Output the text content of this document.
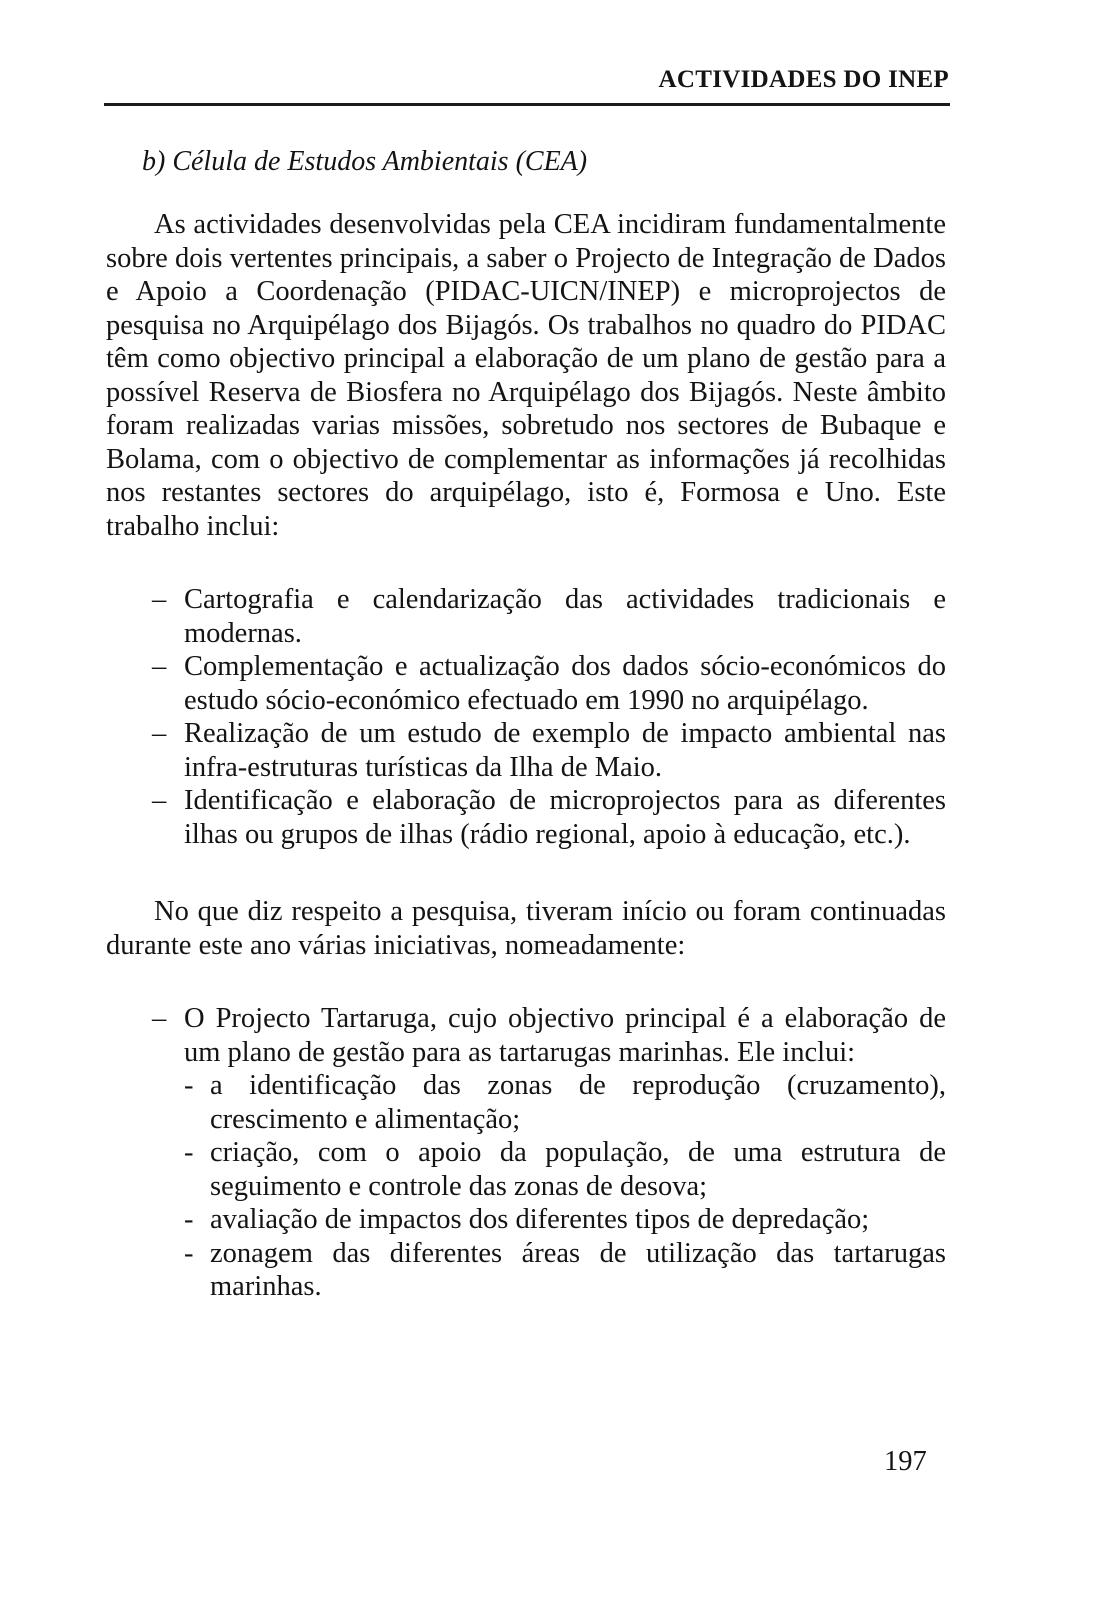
ACTIVIDADES DO INEP
b) Célula de Estudos Ambientais (CEA)

As actividades desenvolvidas pela CEA incidiram fundamentalmente sobre dois vertentes principais, a saber o Projecto de Integração de Dados e Apoio a Coordenação (PIDAC-UICN/INEP) e microprojectos de pesquisa no Arquipélago dos Bijagós. Os trabalhos no quadro do PIDAC têm como objectivo principal a elaboração de um plano de gestão para a possível Reserva de Biosfera no Arquipélago dos Bijagós. Neste âmbito foram realizadas varias missões, sobretudo nos sectores de Bubaque e Bolama, com o objectivo de complementar as informações já recolhidas nos restantes sectores do arquipélago, isto é, Formosa e Uno. Este trabalho inclui:

– Cartografia e calendarização das actividades tradicionais e modernas.
– Complementação e actualização dos dados sócio-económicos do estudo sócio-económico efectuado em 1990 no arquipélago.
– Realização de um estudo de exemplo de impacto ambiental nas infra-estruturas turísticas da Ilha de Maio.
– Identificação e elaboração de microprojectos para as diferentes ilhas ou grupos de ilhas (rádio regional, apoio à educação, etc.).

No que diz respeito a pesquisa, tiveram início ou foram continuadas durante este ano várias iniciativas, nomeadamente:

– O Projecto Tartaruga, cujo objectivo principal é a elaboração de um plano de gestão para as tartarugas marinhas. Ele inclui:
- a identificação das zonas de reprodução (cruzamento), crescimento e alimentação;
- criação, com o apoio da população, de uma estrutura de seguimento e controle das zonas de desova;
- avaliação de impactos dos diferentes tipos de depredação;
- zonagem das diferentes áreas de utilização das tartarugas marinhas.
197
